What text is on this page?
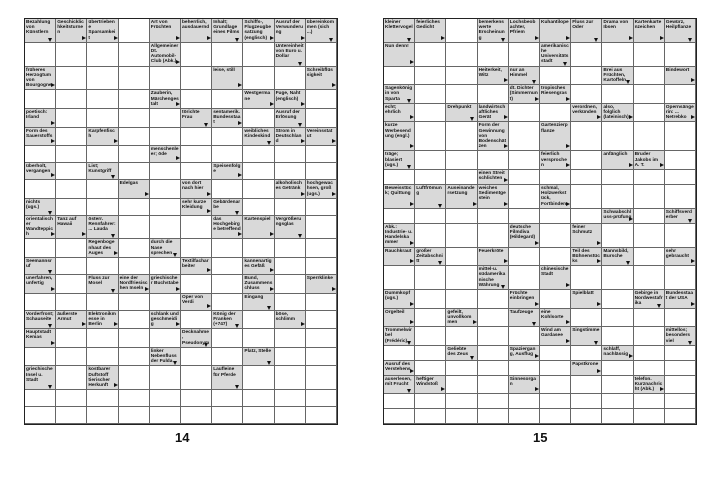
Bezahlung von Künstlern
Geschicklichkeitsturnen
übertriebene Sparsamkeit
Art von Früchten
beherrlich, ausdauernd
Inhalt; Grundlage eines Films
Schiffs-, Flugzeugbesatzung (englisch)
Ausruf der Verwunderung
übereinkommen (sich ...)
Allgemeiner Dt. Automobil-Club (Abk.)
Untereinheit von Euro u. Dollar
früheres Herzogtum von Bourgogne
leise, still	Schreibflüssigkeit
Zauberin, Märchengestalt
Westgermane
Fuge, Naht (englisch)
poetisch: Irland
törichte Frau
sentamerik. Bundesstaat
Ausruf der Erlösung
Form des Sauerstoffs
Karpfenfisch
weibliches Kindeskind
Strom in Deutschland
Vereinsstatut
menschenleer; öde
überholt, vergangen
List; Kunstgriff
Speisenfolge
Edelgas	von dort nach hier
alkoholisches Getränk
hochgewachsen, groß (ugs.)
nichts (ugs.)
sehr kurze Kleidung
Gebärdenarbe
orientalischer Wandteppich
Tanz auf Hawaii
österr. Rennfahrer: ... Lauda
das Hochgebirge betreffend
Kartenspiel	Vergrößerungsglas
Regenbogenhaut des Auges
durch die Nase sprechen
Seemannsruf
Textilfacharbeiter
kannenartiges Gefäß
unerfahren, unfertig
Fluss zur Mosel
eine der Nordfriesischen Inseln
griechischer Buchstabe
Bund, Zusammenschluss
Sperrklinke
Oper von Verdi
Eingang
Vorderfront; Schauseite
äußerste Armut
Elektronikmesse in Berlin
schlank und geschmeidig
König der Franken (+747)
böse, schlimm
Hauptstadt Kenias
Decknahme, Pseudonym
linker Nebenfluss der Fulda
Platz, Stelle
griechische Insel u. Stadt
kostbarer Duftstoff tierischer Herkunft
Laufleine für Pferde
kleiner Klettervogel
feierliches Gedicht
bemerkenswerte Erscheinung
Lochsbeobachter, Pfriem
Kuhantilope Fluss zur Oder
Drama von Ibsen
Kartenkartenzeichen
Gewürz, Heilpflanze
Nun denn!	amerikanische Universitätsstadt
Heiterkeit, Witz
nur an Himmel
Brei aus Früchten, Kartoffeln
Bindewort
Sagenkönigin von Sparta
dt. Dichter (Simmernunt)
tropisches Riesengras
echt; ehrlich
Drehpunkt	landwirtschaftliches Gerät
verordnen, verkünden
also, folglich (lateinisch)
Opernsängerin: ... Netrebko
kurze Werbesendung (engl.)
Form der Gewinnung von Bodenschätzen
Gartenzierpflanze
träge; blasiert (ugs.)
feierlich versprochen
anfänglich	Bruder Jakobs im A. T.
einen Streit schlichten
Beweisstück; Quittung
Luftfrömung
Auseinandersetzung
weiches Sedimentgestein
schmal, Holzwerkstück, Fortbinden
Schwabschluss-prüfung
Schiffsverderber
Abk.: Industrie- u. Handelskammer
deutsche Filmdiva (Hildegard)
feiner Schmutz
Rauchkraut großer Zeitabschnitt
Feuerkröte	Teil des Bühnenstücks
Mannsbild, Bursche
sehr gebraucht
mittel-u. südamerikanische Währung
chinesische Stadt
Dummkopf (ugs.)
Früchte einbringen
Spielblatt	Gebirge in Nordwestafrika
Bundesstaat der USA
Orgelteil	gefeilt, unvollkommen
Taufzeuge	eine Kohlsorte
Trommelwirbel (Frédéric)
Wind am Gardasee
Singstimme	mittellos; besonders viel
Geliebte des Zeus
Spaziergang, Ausflug
schlaff, nachlässig
Ausruf des Verstehens
Papstkrone
auserlesen, mit Frucht
heftiger Windstoß
Sinnesorgan
telefon. Kurznachricht (Abk.)
14	15
